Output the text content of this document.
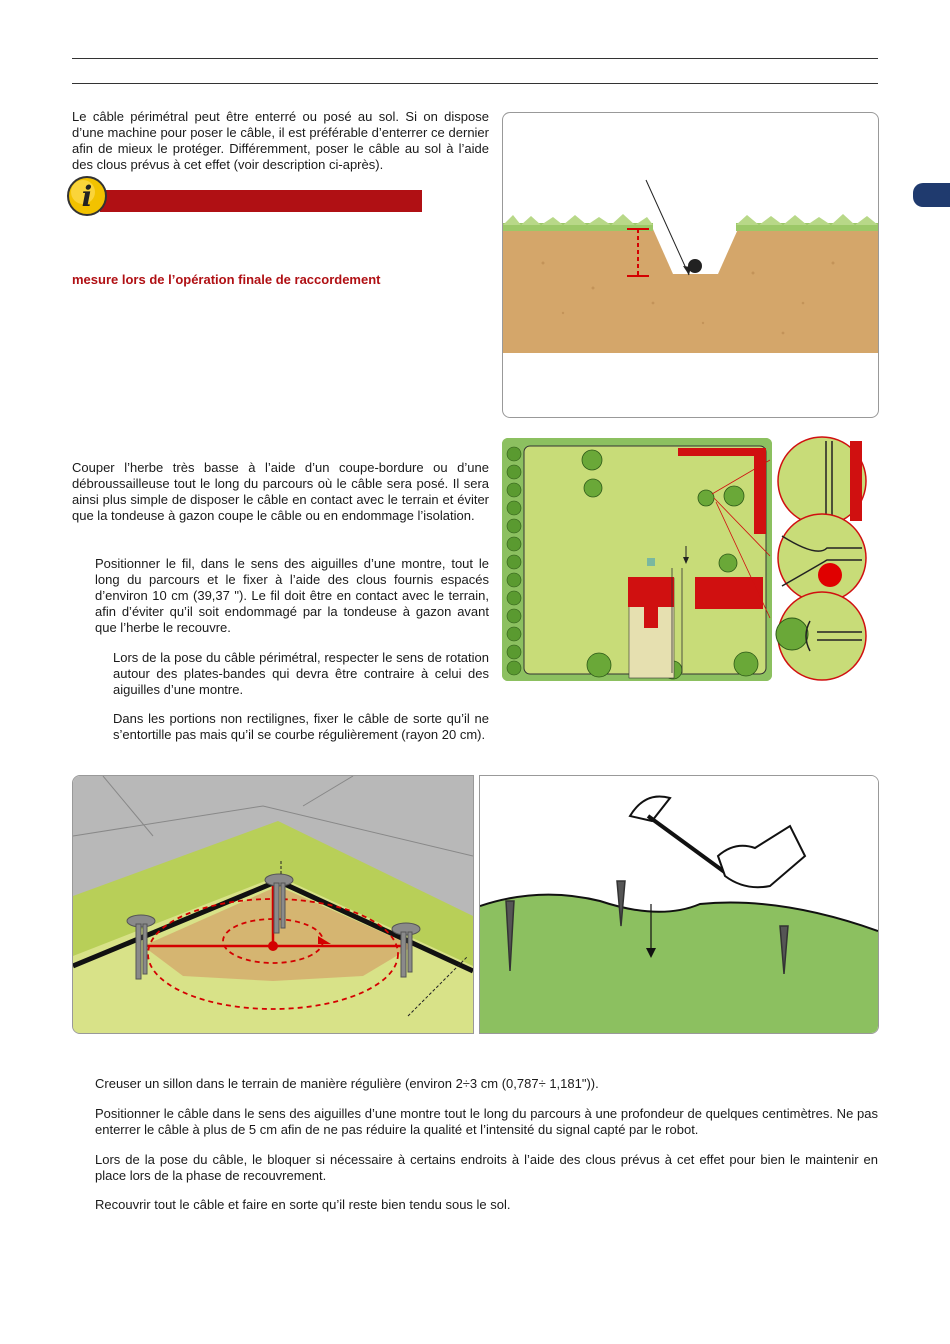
Le câble périmétral peut être enterré ou posé au sol. Si on dispose d’une machine pour poser le câble, il est préférable d’enterrer ce dernier afin de mieux le protéger. Différemment, poser le câble au sol à l’aide des clous prévus à cet effet (voir description ci-après).

i
mesure lors de l’opération finale de raccordement

Couper l’herbe très basse à l’aide d’un coupe-bordure ou d’une débroussailleuse tout le long du parcours où le câble sera posé. Il sera ainsi plus simple de disposer le câble en contact avec le terrain et éviter que la tondeuse à gazon coupe le câble ou en endommage l’isolation.

Positionner le fil, dans le sens des aiguilles d’une montre, tout le long du parcours et le fixer à l’aide des clous fournis espacés d’environ 10 cm (39,37 "). Le fil doit être en contact avec le terrain, afin d’éviter qu’il soit endommagé par la tondeuse à gazon avant que l’herbe le recouvre.

Lors de la pose du câble périmétral, respecter le sens de rotation autour des plates-bandes qui devra être contraire à celui des aiguilles d’une montre.

Dans les portions non rectilignes, fixer le câble de sorte qu’il ne s’entortille pas mais qu’il se courbe régulièrement (rayon 20 cm).

Creuser un sillon dans le terrain de manière régulière (environ 2÷3 cm (0,787÷ 1,181")).

Positionner le câble dans le sens des aiguilles d’une montre tout le long du parcours à une profondeur de quelques centimètres. Ne pas enterrer le câble à plus de 5 cm afin de ne pas réduire la qualité et l’intensité du signal capté par le robot.

Lors de la pose du câble, le bloquer si nécessaire à certains endroits à l’aide des clous prévus à cet effet pour bien le maintenir en place lors de la phase de recouvrement.

Recouvrir tout le câble et faire en sorte qu’il reste bien tendu sous le sol.
